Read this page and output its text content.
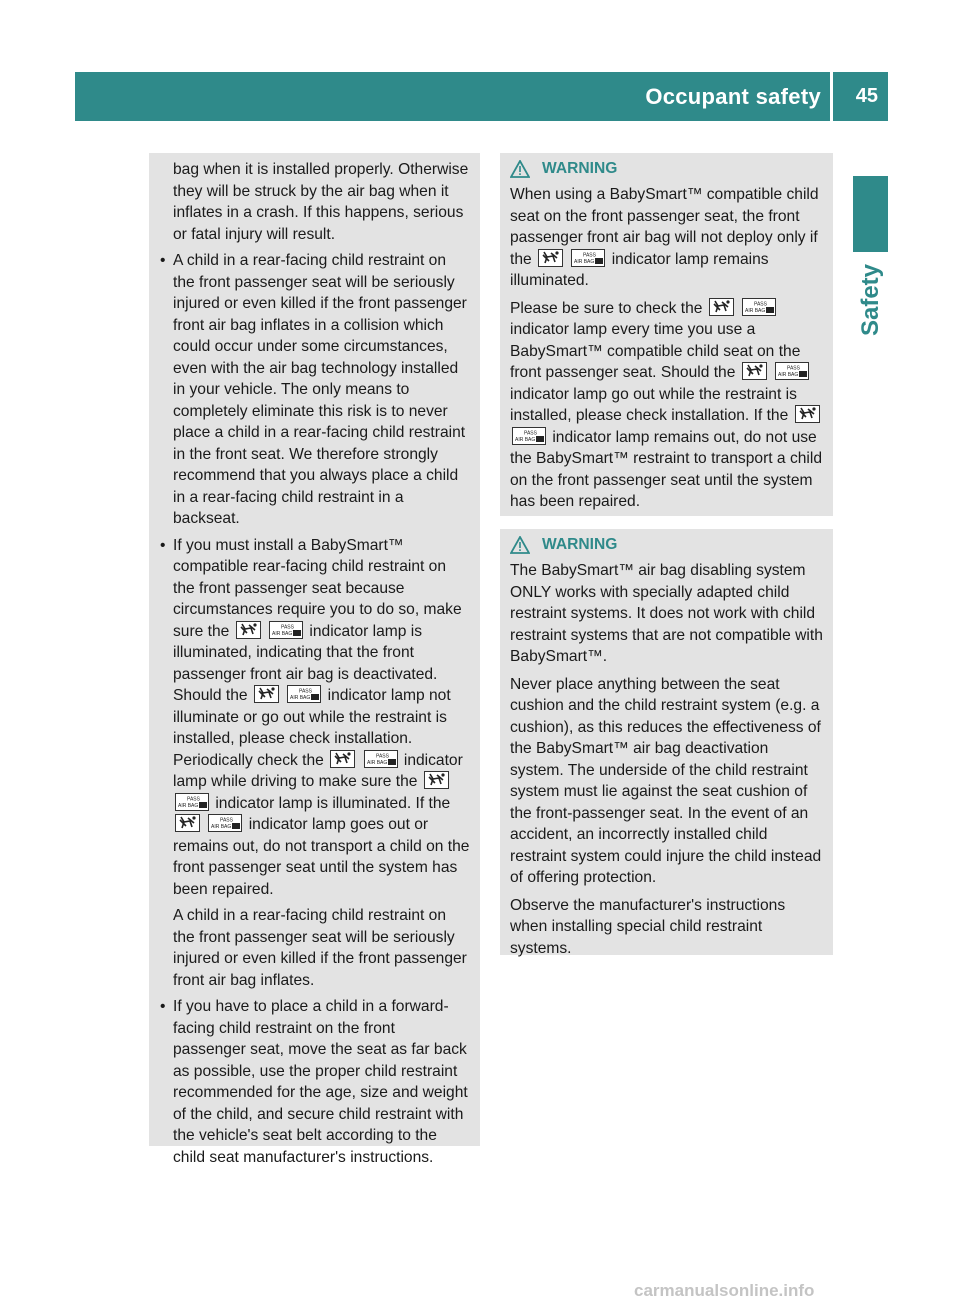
Occupant safety 45
Safety

bag when it is installed properly. Otherwise they will be struck by the air bag when it inflates in a crash. If this happens, serious or fatal injury will result.

• A child in a rear-facing child restraint on the front passenger seat will be seriously injured or even killed if the front passenger front air bag inflates in a collision which could occur under some circumstances, even with the air bag technology installed in your vehicle. The only means to completely eliminate this risk is to never place a child in a rear-facing child restraint in the front seat. We therefore strongly recommend that you always place a child in a rear-facing child restraint in a backseat.

• If you must install a BabySmart™ compatible rear-facing child restraint on the front passenger seat because circumstances require you to do so, make sure the	indicator lamp is illuminated, indicating that the front passenger front air bag is deactivated. Should the	indicator lamp not illuminate or go out while the restraint is installed, please check installation. Periodically check the	indicator lamp while driving to make sure the   indicator lamp is illuminated. If the   indicator lamp goes out or remains out, do not transport a child on the front passenger seat until the system has been repaired.

A child in a rear-facing child restraint on the front passenger seat will be seriously injured or even killed if the front passenger front air bag inflates.

• If you have to place a child in a forward-facing child restraint on the front passenger seat, move the seat as far back as possible, use the proper child restraint recommended for the age, size and weight of the child, and secure child restraint with the vehicle's seat belt according to the child seat manufacturer's instructions.

WARNING

When using a BabySmart™ compatible child seat on the front passenger seat, the front passenger front air bag will not deploy only if the	indicator lamp remains illuminated.

Please be sure to check the   indicator lamp every time you use a BabySmart™ compatible child seat on the front passenger seat. Should the   indicator lamp go out while the restraint is installed, please check installation. If the   indicator lamp remains out, do not use the BabySmart™ restraint to transport a child on the front passenger seat until the system has been repaired.

WARNING

The BabySmart™ air bag disabling system ONLY works with specially adapted child restraint systems. It does not work with child restraint systems that are not compatible with BabySmart™.

Never place anything between the seat cushion and the child restraint system (e.g. a cushion), as this reduces the effectiveness of the BabySmart™ air bag deactivation system. The underside of the child restraint system must lie against the seat cushion of the front-passenger seat. In the event of an accident, an incorrectly installed child restraint system could injure the child instead of offering protection.

Observe the manufacturer's instructions when installing special child restraint systems.

carmanualsonline.info
